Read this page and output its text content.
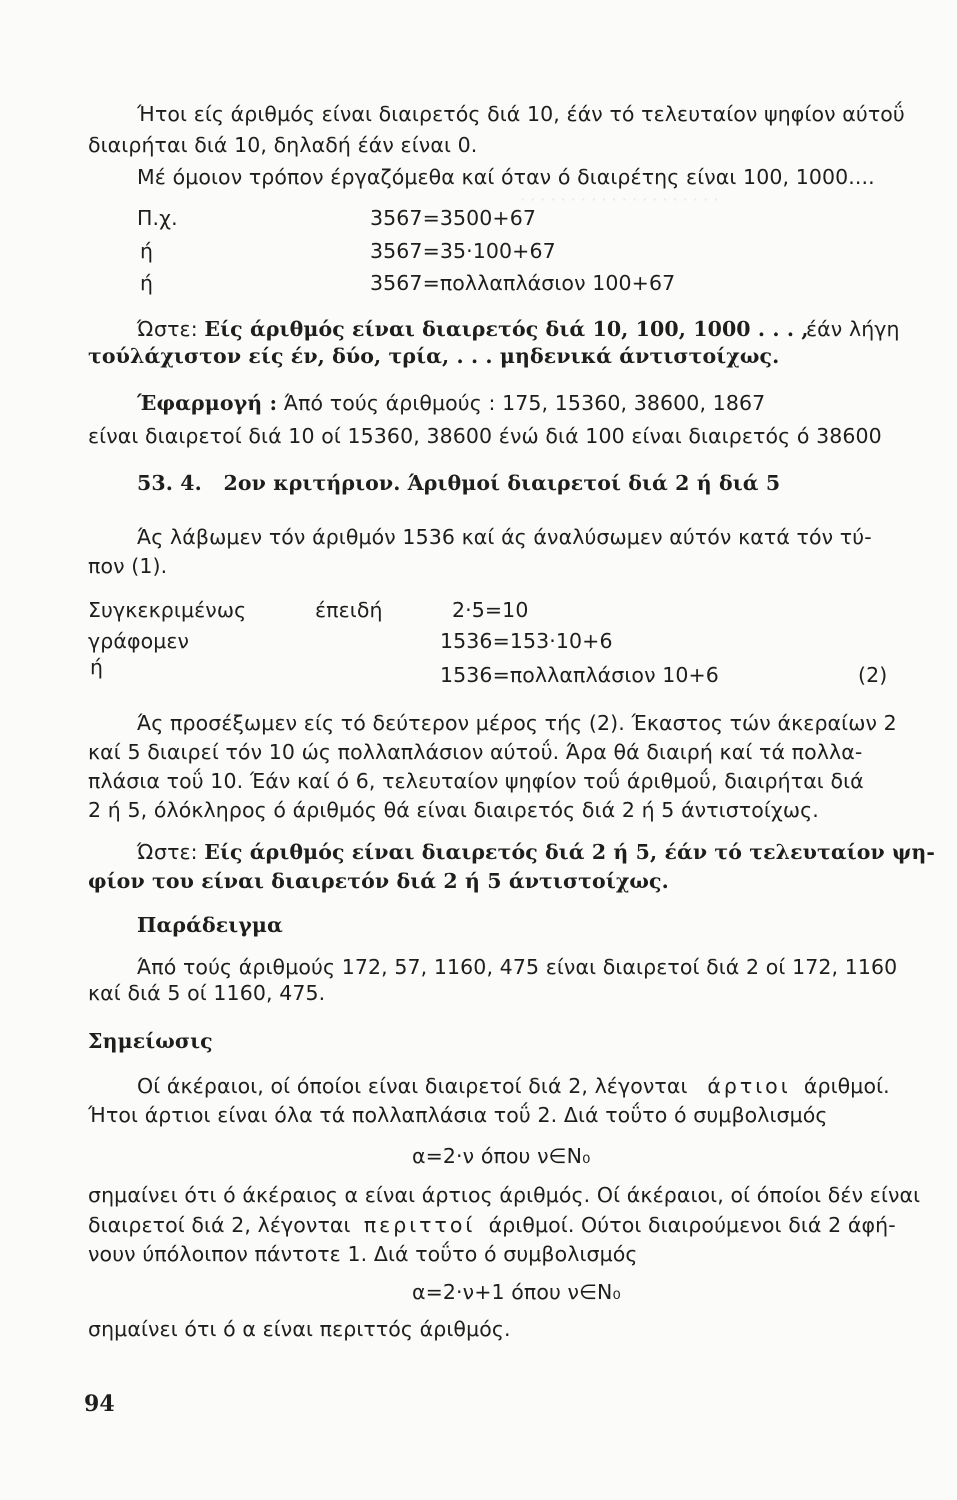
· · · · · · · · · · · · · · · · · · · ·
Ήτοι είς άριθμός είναι διαιρετός διά 10, έάν τό τελευταίον ψηφίον αύτοΰ
διαιρήται διά 10, δηλαδή έάν είναι 0.
Μέ όμοιον τρόπον έργαζόμεθα καί όταν ό διαιρέτης είναι 100, 1000....
Π.χ.	3567=3500+67
ή	3567=35·100+67
ή	3567=πολλαπλάσιον 100+67
Ώστε: Είς άριθμός είναι διαιρετός διά 10, 100, 1000 . . . ,
έάν λήγη
τούλάχιστον είς έν, δύο, τρία, . . . μηδενικά άντιστοίχως.
Έφαρμογή : Άπό τούς άριθμούς : 175, 15360, 38600, 1867
είναι διαιρετοί διά 10 οί 15360, 38600 ένώ διά 100 είναι διαιρετός ό 38600
53. 4. 2ον κριτήριον. Άριθμοί διαιρετοί διά 2 ή διά 5
Άς λάβωμεν τόν άριθμόν 1536 καί άς άναλύσωμεν αύτόν κατά τόν τύ-
πον (1).
Συγκεκριμένως	έπειδή	2·5=10
γράφομεν	1536=153·10+6
ή	1536=πολλαπλάσιον 10+6	(2)
Άς προσέξωμεν είς τό δεύτερον μέρος τής (2). Έκαστος τών άκεραίων 2
καί 5 διαιρεί τόν 10 ώς πολλαπλάσιον αύτοΰ. Άρα θά διαιρή καί τά πολλα-
πλάσια τοΰ 10. Έάν καί ό 6, τελευταίον ψηφίον τοΰ άριθμοΰ, διαιρήται διά
2 ή 5, όλόκληρος ό άριθμός θά είναι διαιρετός διά 2 ή 5 άντιστοίχως.
Ώστε: Είς άριθμός είναι διαιρετός διά 2 ή 5, έάν τό τελευταίον ψη-
φίον του είναι διαιρετόν διά 2 ή 5 άντιστοίχως.
Παράδειγμα
Άπό τούς άριθμούς 172, 57, 1160, 475 είναι διαιρετοί διά 2 οί 172, 1160
καί διά 5 οί 1160, 475.
Σημείωσις
Οί άκέραιοι, οί όποίοι είναι διαιρετοί διά 2, λέγονται άρτιοι άριθμοί.
Ήτοι άρτιοι είναι όλα τά πολλαπλάσια τοΰ 2. Διά τοΰτο ό συμβολισμός
α=2·ν όπου ν∈N₀
σημαίνει ότι ό άκέραιος α είναι άρτιος άριθμός. Οί άκέραιοι, οί όποίοι δέν είναι
διαιρετοί διά 2, λέγονται περιττοί άριθμοί. Ούτοι διαιρούμενοι διά 2 άφή-
νουν ύπόλοιπον πάντοτε 1. Διά τοΰτο ό συμβολισμός
α=2·ν+1 όπου ν∈N₀
σημαίνει ότι ό α είναι περιττός άριθμός.
94
